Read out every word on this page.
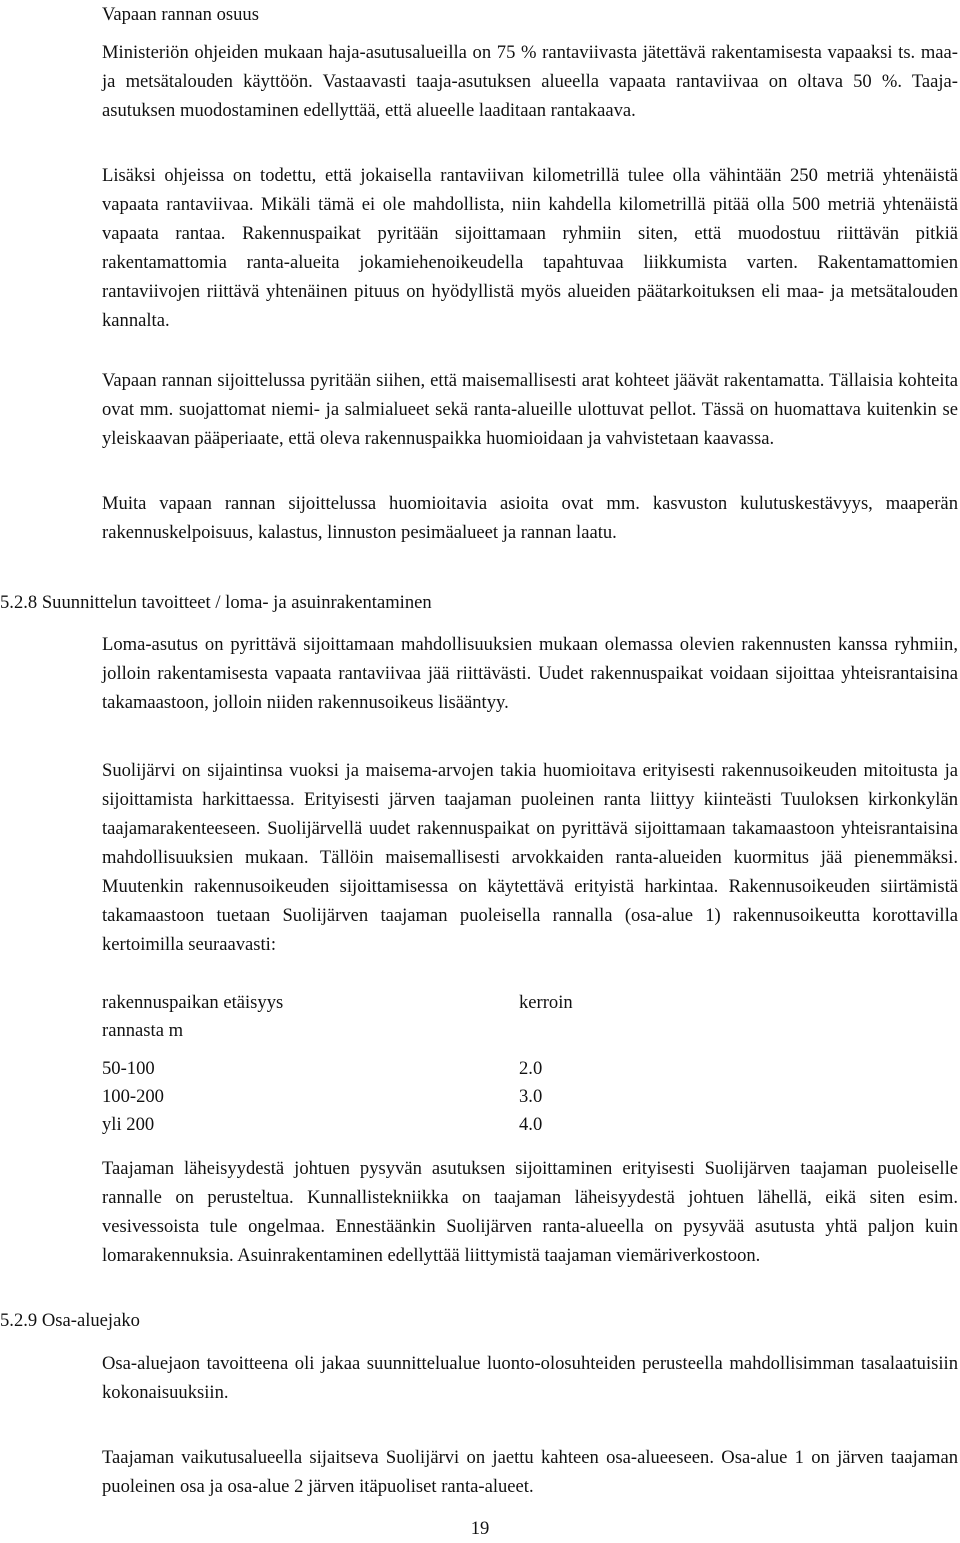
Vapaan rannan osuus

Ministeriön ohjeiden mukaan haja-asutusalueilla on 75 % rantaviivasta jätettävä rakentamisesta vapaaksi ts. maa- ja metsätalouden käyttöön. Vastaavasti taaja-asutuksen alueella vapaata rantaviivaa on oltava 50 %. Taaja-asutuksen muodostaminen edellyttää, että alueelle laaditaan rantakaava.

Lisäksi ohjeissa on todettu, että jokaisella rantaviivan kilometrillä tulee olla vähintään 250 metriä yhtenäistä vapaata rantaviivaa. Mikäli tämä ei ole mahdollista, niin kahdella kilometrillä pitää olla 500 metriä yhtenäistä vapaata rantaa. Rakennuspaikat pyritään sijoittamaan ryhmiin siten, että muodostuu riittävän pitkiä rakentamattomia ranta-alueita jokamiehenoikeudella tapahtuvaa liikkumista varten. Rakentamattomien rantaviivojen riittävä yhtenäinen pituus on hyödyllistä myös alueiden päätarkoituksen eli maa- ja metsätalouden kannalta.

Vapaan rannan sijoittelussa pyritään siihen, että maisemallisesti arat kohteet jäävät rakentamatta. Tällaisia kohteita ovat mm. suojattomat niemi- ja salmialueet sekä ranta-alueille ulottuvat pellot. Tässä on huomattava kuitenkin se yleiskaavan pääperiaate, että oleva rakennuspaikka huomioidaan ja vahvistetaan kaavassa.

Muita vapaan rannan sijoittelussa huomioitavia asioita ovat mm. kasvuston kulutuskestävyys, maaperän rakennuskelpoisuus, kalastus, linnuston pesimäalueet ja rannan laatu.

5.2.8 Suunnittelun tavoitteet / loma- ja asuinrakentaminen

Loma-asutus on pyrittävä sijoittamaan mahdollisuuksien mukaan olemassa olevien rakennusten kanssa ryhmiin, jolloin rakentamisesta vapaata rantaviivaa jää riittävästi. Uudet rakennuspaikat voidaan sijoittaa yhteisrantaisina takamaastoon, jolloin niiden rakennusoikeus lisääntyy.

Suolijärvi on sijaintinsa vuoksi ja maisema-arvojen takia huomioitava erityisesti rakennusoikeuden mitoitusta ja sijoittamista harkittaessa. Erityisesti järven taajaman puoleinen ranta liittyy kiinteästi Tuuloksen kirkonkylän taajamarakenteeseen. Suolijärvellä uudet rakennuspaikat on pyrittävä sijoittamaan takamaastoon yhteisrantaisina mahdollisuuksien mukaan. Tällöin maisemallisesti arvokkaiden ranta-alueiden kuormitus jää pienemmäksi. Muutenkin rakennusoikeuden sijoittamisessa on käytettävä erityistä harkintaa. Rakennusoikeuden siirtämistä takamaastoon tuetaan Suolijärven taajaman puoleisella rannalla (osa-alue 1) rakennusoikeutta korottavilla kertoimilla seuraavasti:

rakennuspaikan etäisyys	kerroin
rannasta m
50-100	2.0
100-200	3.0
yli 200	4.0

Taajaman läheisyydestä johtuen pysyvän asutuksen sijoittaminen erityisesti Suolijärven taajaman puoleiselle rannalle on perusteltua. Kunnallistekniikka on taajaman läheisyydestä johtuen lähellä, eikä siten esim. vesivessoista tule ongelmaa. Ennestäänkin Suolijärven ranta-alueella on pysyvää asutusta yhtä paljon kuin lomarakennuksia. Asuinrakentaminen edellyttää liittymistä taajaman viemäriverkostoon.

5.2.9 Osa-aluejako

Osa-aluejaon tavoitteena oli jakaa suunnittelualue luonto-olosuhteiden perusteella mahdollisimman tasalaatuisiin kokonaisuuksiin.

Taajaman vaikutusalueella sijaitseva Suolijärvi on jaettu kahteen osa-alueeseen. Osa-alue 1 on järven taajaman puoleinen osa ja osa-alue 2 järven itäpuoliset ranta-alueet.

19
